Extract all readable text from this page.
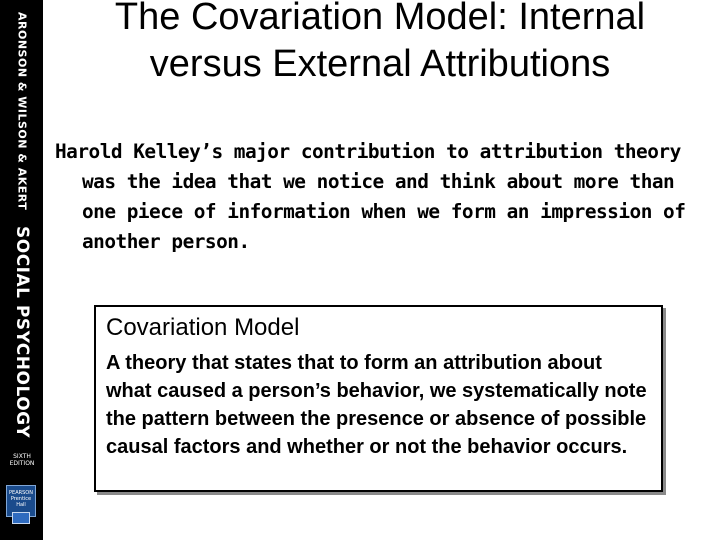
ARONSON & WILSON & AKERT
SOCIAL PSYCHOLOGY
SIXTH EDITION
PEARSON Prentice Hall
The Covariation Model: Internal versus External Attributions
Harold Kelley’s major contribution to attribution theory was the idea that we notice and think about more than one piece of information when we form an impression of another person.
Covariation Model
A theory that states that to form an attribution about what caused a person’s behavior, we systematically note the pattern between the presence or absence of possible causal factors and whether or not the behavior occurs.
